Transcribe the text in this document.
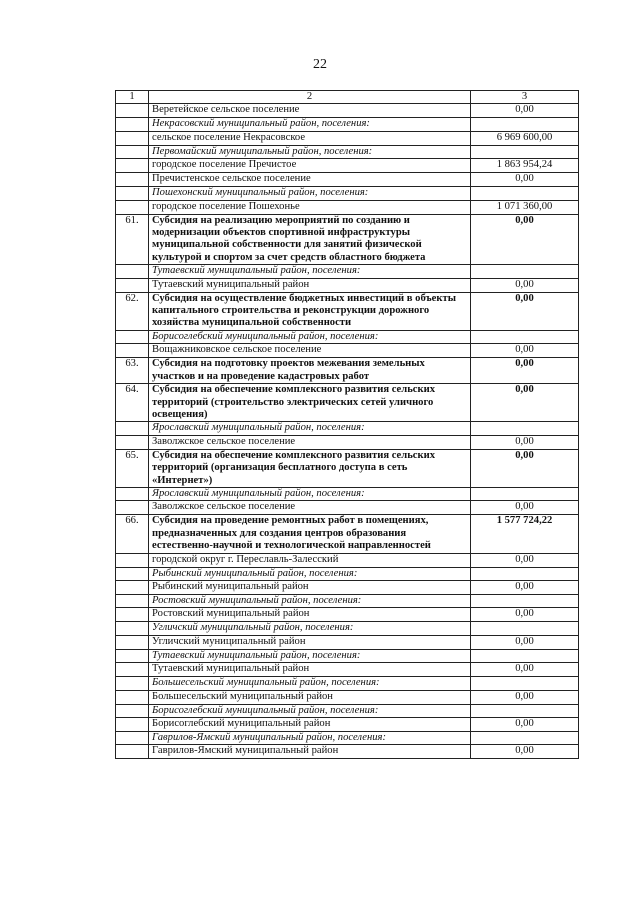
22
1	2	3
	Веретейское сельское поселение	0,00
	Некрасовский муниципальный район, поселения:	
	сельское поселение Некрасовское	6 969 600,00
	Первомайский муниципальный район, поселения:	
	городское поселение Пречистое	1 863 954,24
	Пречистенское сельское поселение	0,00
	Пошехонский муниципальный район, поселения:	
	городское поселение Пошехонье	1 071 360,00
61.	Субсидия на реализацию мероприятий по созданию и модернизации объектов спортивной инфраструктуры муниципальной собственности для занятий физической культурой и спортом за счет средств областного бюджета	0,00
	Тутаевский муниципальный район, поселения:	
	Тутаевский муниципальный район	0,00
62.	Субсидия на осуществление бюджетных инвестиций в объекты капитального строительства и реконструкции дорожного хозяйства муниципальной собственности	0,00
	Борисоглебский муниципальный район, поселения:	
	Вощажниковское сельское поселение	0,00
63.	Субсидия на подготовку проектов межевания земельных участков и на проведение кадастровых работ	0,00
64.	Субсидия на обеспечение комплексного развития сельских территорий (строительство электрических сетей уличного освещения)	0,00
	Ярославский муниципальный район, поселения:	
	Заволжское сельское поселение	0,00
65.	Субсидия на обеспечение комплексного развития сельских территорий (организация бесплатного доступа в сеть «Интернет»)	0,00
	Ярославский муниципальный район, поселения:	
	Заволжское сельское поселение	0,00
66.	Субсидия на проведение ремонтных работ в помещениях, предназначенных для создания центров образования естественно-научной и технологической направленностей	1 577 724,22
	городской округ г. Переславль-Залесский	0,00
	Рыбинский муниципальный район, поселения:	
	Рыбинский муниципальный район	0,00
	Ростовский муниципальный район, поселения:	
	Ростовский муниципальный район	0,00
	Угличский муниципальный район, поселения:	
	Угличский муниципальный район	0,00
	Тутаевский муниципальный район, поселения:	
	Тутаевский муниципальный район	0,00
	Большесельский муниципальный район, поселения:	
	Большесельский муниципальный район	0,00
	Борисоглебский муниципальный район, поселения:	
	Борисоглебский муниципальный район	0,00
	Гаврилов-Ямский муниципальный район, поселения:	
	Гаврилов-Ямский муниципальный район	0,00
